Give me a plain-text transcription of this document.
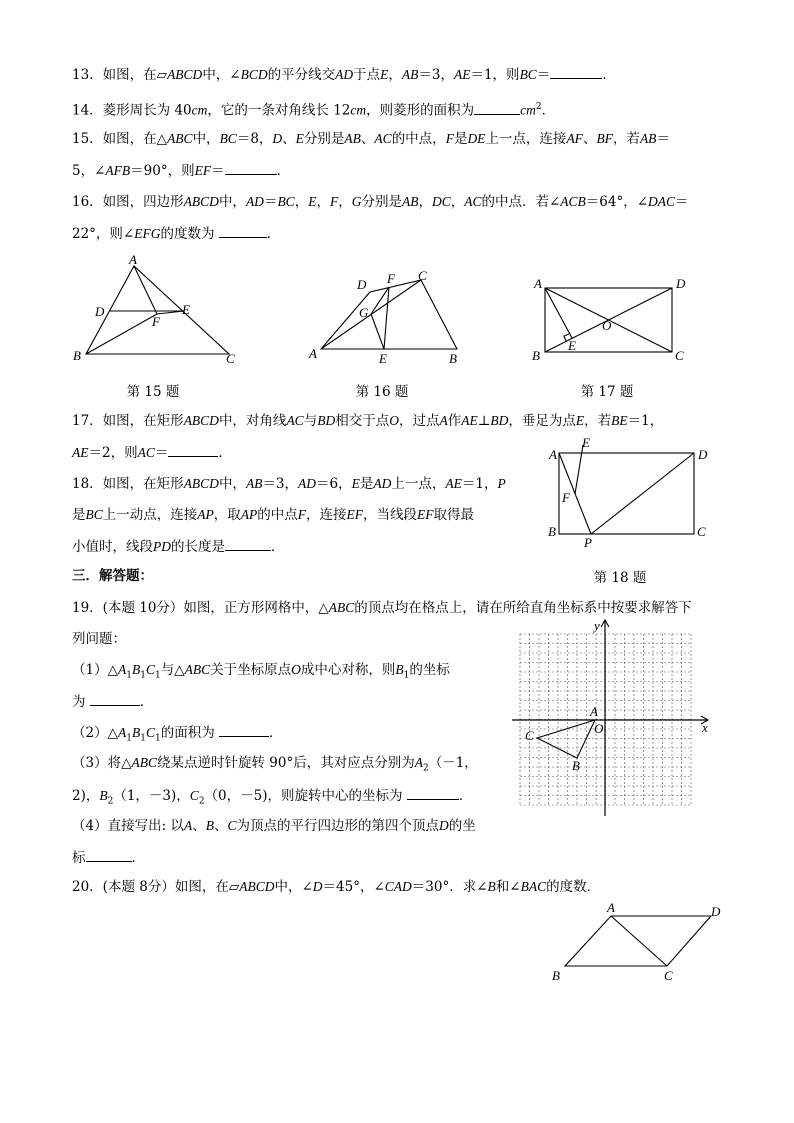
13．如图，在▱ABCD中，∠BCD的平分线交AD于点E，AB＝3，AE＝1，则BC＝	．
14．菱形周长为 40cm，它的一条对角线长 12cm，则菱形的面积为	$cm^2$．
15．如图，在△ABC中，BC＝8，D、E分别是AB、AC的中点，F是DE上一点，连接AF、BF，若AB＝
5，∠AFB＝90°，则EF＝	．
16．如图，四边形ABCD中，AD＝BC，E，F，G分别是AB，DC，AC的中点．若∠ACB＝64°，∠DAC＝
22°，则∠EFG的度数为	．
A
B	C
D	E
F
第 15 题
A	B
C
D
E
F
G
第 16 题
A
B	C
D
E
O
第 17 题
17．如图，在矩形ABCD中，对角线AC与BD相交于点O，过点A作AE⊥BD，垂足为点E，若BE＝1，
AE＝2，则AC＝	．	A
B	C
D
E
F
P
18．如图，在矩形ABCD中，AB＝3，AD＝6，E是AD上一点，AE＝1，P
是BC上一动点，连接AP，取AP的中点F，连接EF，当线段EF取得最
小值时，线段PD的长度是	．
三．解答题：	第 18 题
19．(本题 10分）如图，正方形网格中，△ABC的顶点均在格点上，请在所给直角坐标系中按要求解答下
列问题：
$(1)\triangle A_1B_1C_1$与△ABC关于坐标原点O成中心对称，则$B_1$的坐标
为	．
$(2)\triangle A_1B_1C_1$的面积为	．
（3）将△ABC绕某点逆时针旋转 90°后，其对应点分别为$A_2(-1$，
2)，$B_2(1$，－3)，$C_2(0$，－5)，则旋转中心的坐标为	．
（4）直接写出: 以A、B、C为顶点的平行四边形的第四个顶点D的坐
标	．
A
B
C	O	x
y
20．(本题 8分）如图，在▱ABCD中，∠D＝45°，∠CAD＝30°．求∠B和∠BAC的度数．
A
B	C
D
